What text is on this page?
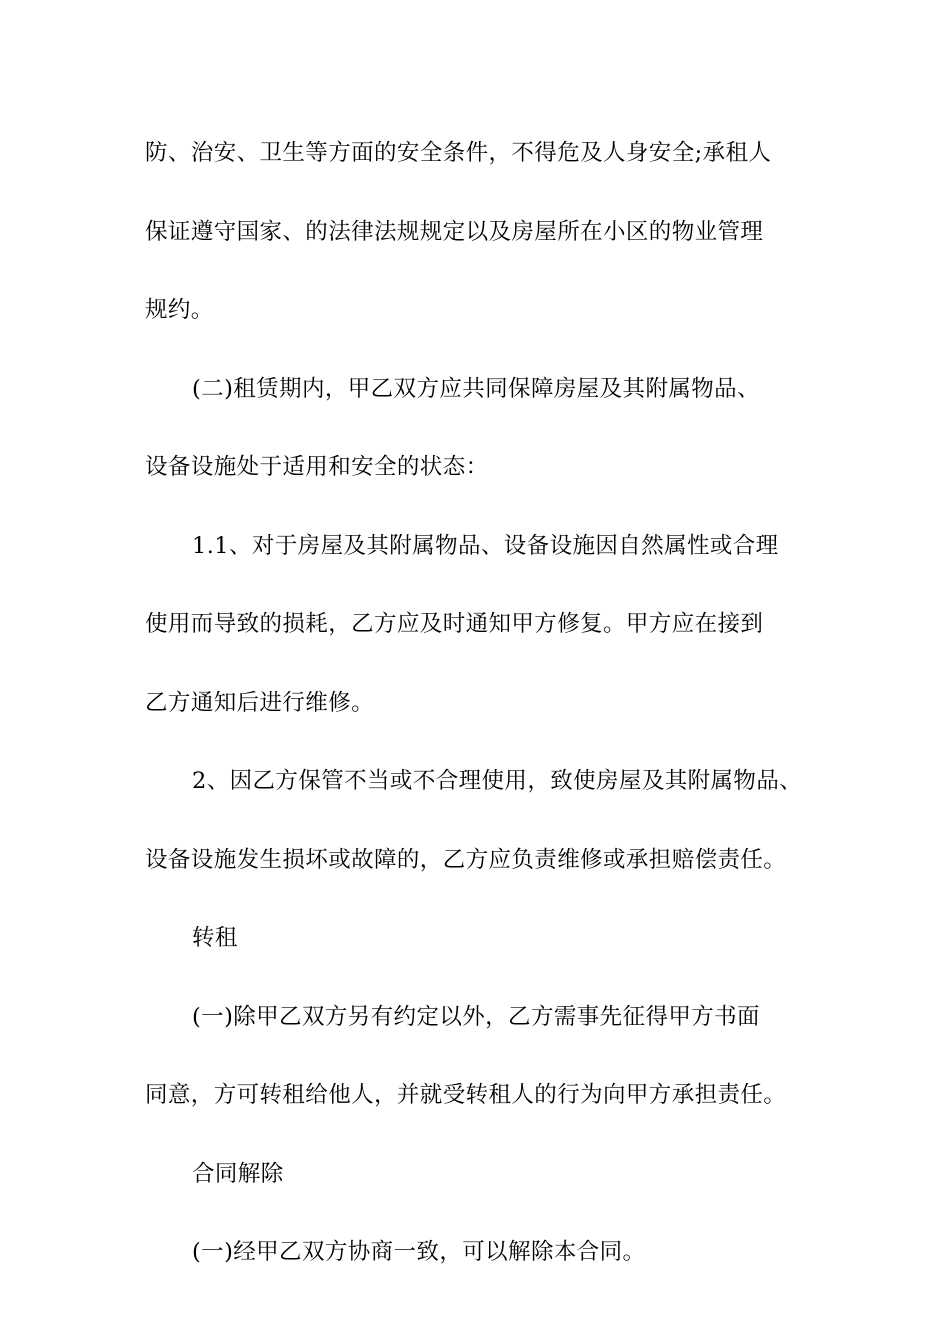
防、治安、卫生等方面的安全条件，不得危及人身安全;承租人
保证遵守国家、的法律法规规定以及房屋所在小区的物业管理
规约。
(二)租赁期内，甲乙双方应共同保障房屋及其附属物品、
设备设施处于适用和安全的状态：
1.1、对于房屋及其附属物品、设备设施因自然属性或合理
使用而导致的损耗，乙方应及时通知甲方修复。甲方应在接到
乙方通知后进行维修。
2、因乙方保管不当或不合理使用，致使房屋及其附属物品、
设备设施发生损坏或故障的，乙方应负责维修或承担赔偿责任。
转租
(一)除甲乙双方另有约定以外，乙方需事先征得甲方书面
同意，方可转租给他人，并就受转租人的行为向甲方承担责任。
合同解除
(一)经甲乙双方协商一致，可以解除本合同。
